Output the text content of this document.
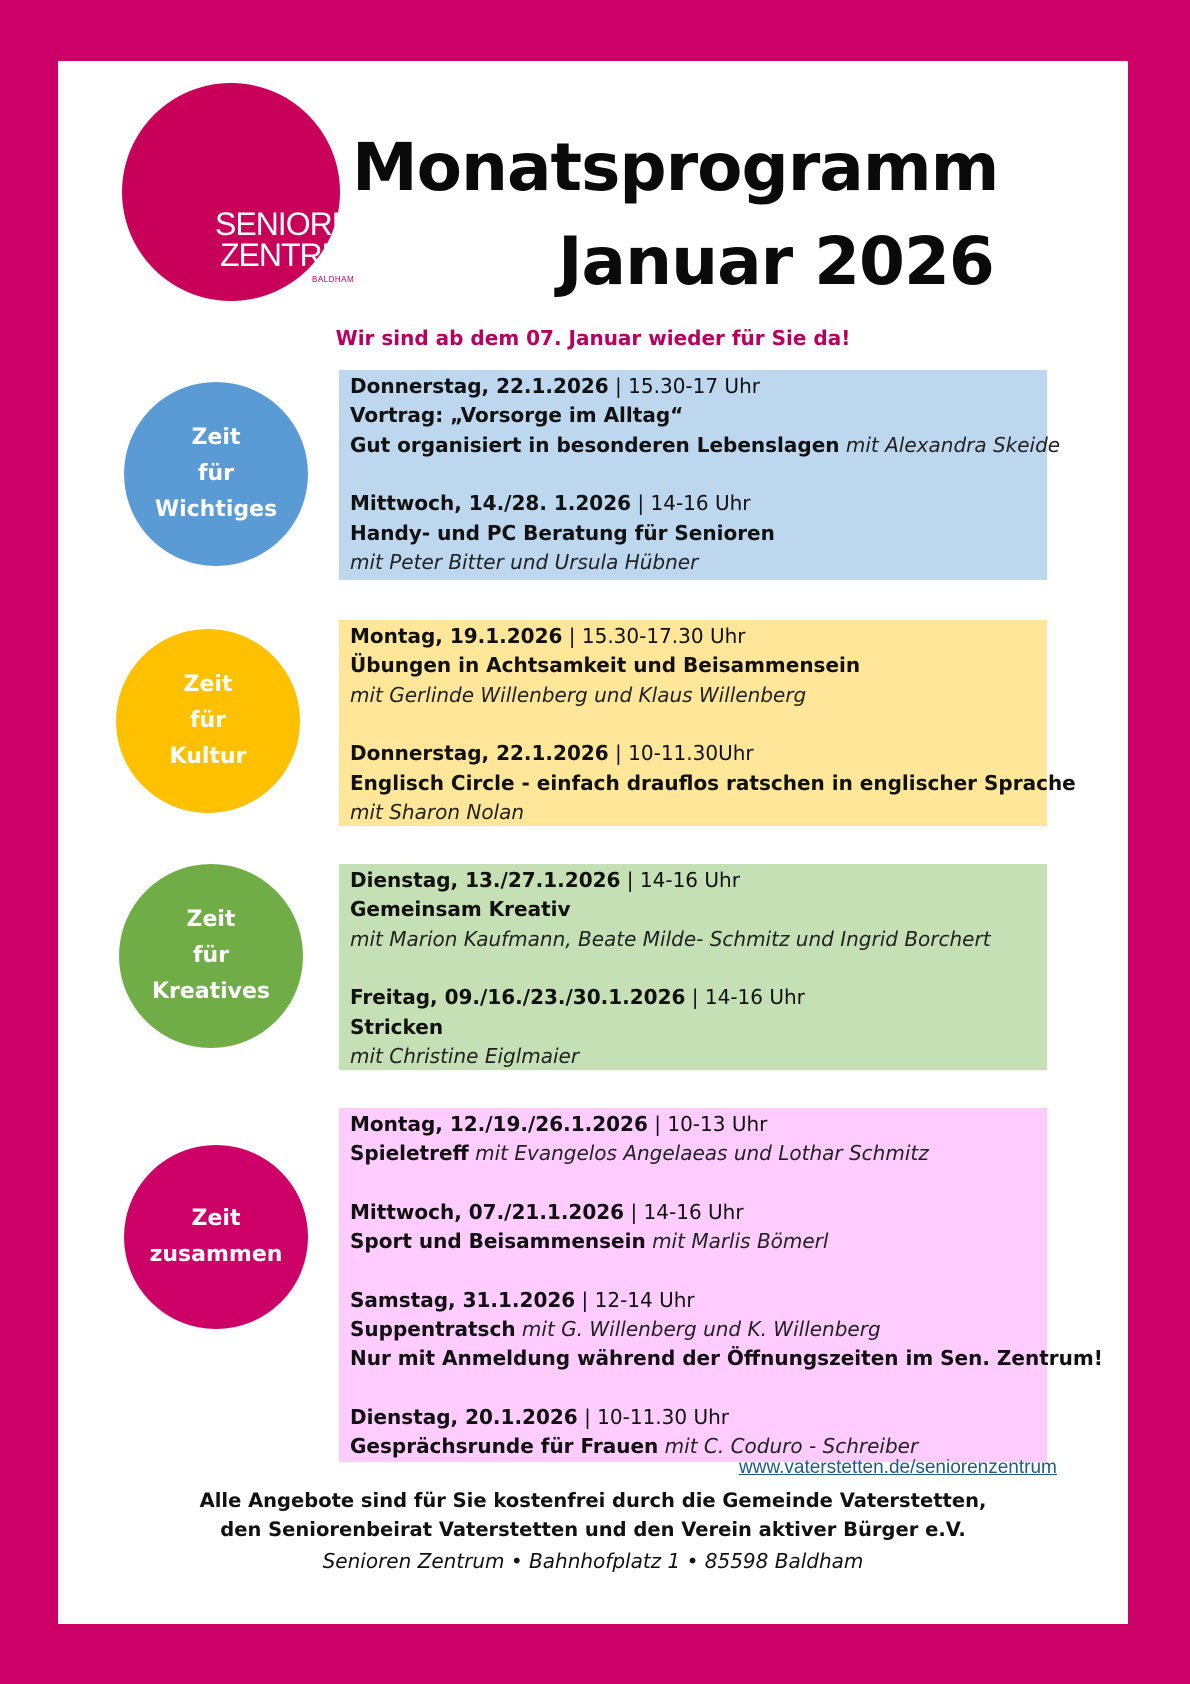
SENIOREN
ZENTRUM
BALDHAM
Monatsprogramm
Januar 2026
Wir sind ab dem 07. Januar wieder für Sie da!
Zeit
für
Wichtiges
Donnerstag, 22.1.2026 | 15.30-17 Uhr
Vortrag: „Vorsorge im Alltag“
Gut organisiert in besonderen Lebenslagen mit Alexandra Skeide
Mittwoch, 14./28. 1.2026 | 14-16 Uhr
Handy- und PC Beratung für Senioren
mit Peter Bitter und Ursula Hübner
Zeit
für
Kultur
Montag, 19.1.2026 | 15.30-17.30 Uhr
Übungen in Achtsamkeit und Beisammensein
mit Gerlinde Willenberg und Klaus Willenberg
Donnerstag, 22.1.2026 | 10-11.30Uhr
Englisch Circle - einfach drauflos ratschen in englischer Sprache
mit Sharon Nolan
Zeit
für
Kreatives
Dienstag, 13./27.1.2026 | 14-16 Uhr
Gemeinsam Kreativ
mit Marion Kaufmann, Beate Milde- Schmitz und Ingrid Borchert
Freitag, 09./16./23./30.1.2026 | 14-16 Uhr
Stricken
mit Christine Eiglmaier
Zeit
zusammen
Montag, 12./19./26.1.2026 | 10-13 Uhr
Spieletreff mit Evangelos Angelaeas und Lothar Schmitz
Mittwoch, 07./21.1.2026 | 14-16 Uhr
Sport und Beisammensein mit Marlis Bömerl
Samstag, 31.1.2026 | 12-14 Uhr
Suppentratsch mit G. Willenberg und K. Willenberg
Nur mit Anmeldung während der Öffnungszeiten im Sen. Zentrum!
Dienstag, 20.1.2026 | 10-11.30 Uhr
Gesprächsrunde für Frauen mit C. Coduro - Schreiber
www.vaterstetten.de/seniorenzentrum
Alle Angebote sind für Sie kostenfrei durch die Gemeinde Vaterstetten,
den Seniorenbeirat Vaterstetten und den Verein aktiver Bürger e.V.
Senioren Zentrum • Bahnhofplatz 1 • 85598 Baldham
